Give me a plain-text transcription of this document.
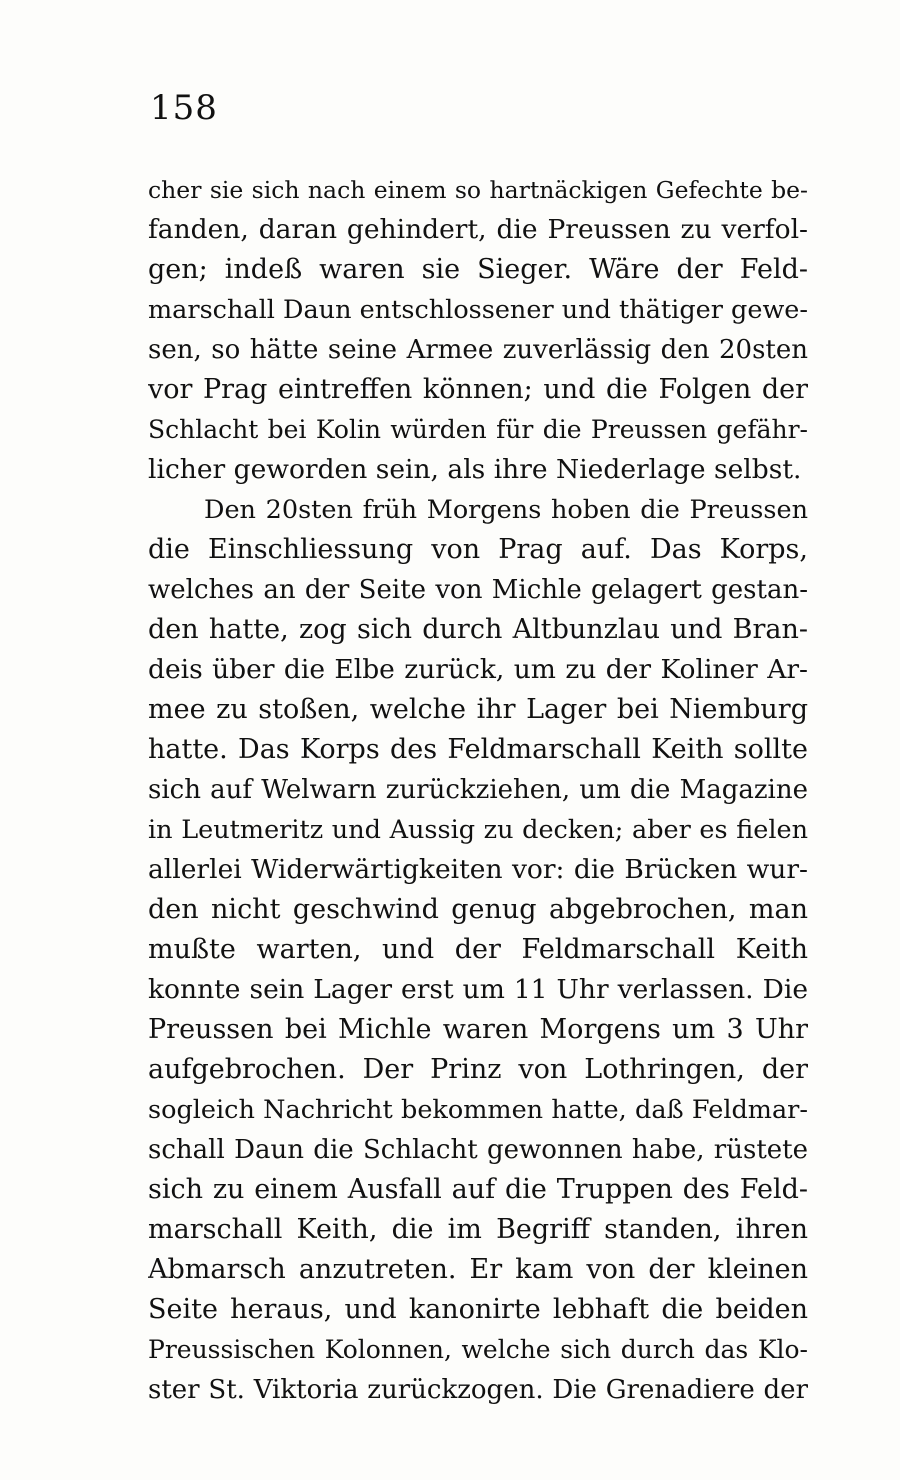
158
cher sie sich nach einem so hartnäckigen Gefechte be-
fanden, daran gehindert, die Preussen zu verfol-
gen; indeß waren sie Sieger. Wäre der Feld-
marschall Daun entschlossener und thätiger gewe-
sen, so hätte seine Armee zuverlässig den 20sten
vor Prag eintreffen können; und die Folgen der
Schlacht bei Kolin würden für die Preussen gefähr-
licher geworden sein, als ihre Niederlage selbst.
Den 20sten früh Morgens hoben die Preussen
die Einschliessung von Prag auf. Das Korps,
welches an der Seite von Michle gelagert gestan-
den hatte, zog sich durch Altbunzlau und Bran-
deis über die Elbe zurück, um zu der Koliner Ar-
mee zu stoßen, welche ihr Lager bei Niemburg
hatte. Das Korps des Feldmarschall Keith sollte
sich auf Welwarn zurückziehen, um die Magazine
in Leutmeritz und Aussig zu decken; aber es fielen
allerlei Widerwärtigkeiten vor: die Brücken wur-
den nicht geschwind genug abgebrochen, man
mußte warten, und der Feldmarschall Keith
konnte sein Lager erst um 11 Uhr verlassen. Die
Preussen bei Michle waren Morgens um 3 Uhr
aufgebrochen. Der Prinz von Lothringen, der
sogleich Nachricht bekommen hatte, daß Feldmar-
schall Daun die Schlacht gewonnen habe, rüstete
sich zu einem Ausfall auf die Truppen des Feld-
marschall Keith, die im Begriff standen, ihren
Abmarsch anzutreten. Er kam von der kleinen
Seite heraus, und kanonirte lebhaft die beiden
Preussischen Kolonnen, welche sich durch das Klo-
ster St. Viktoria zurückzogen. Die Grenadiere der
